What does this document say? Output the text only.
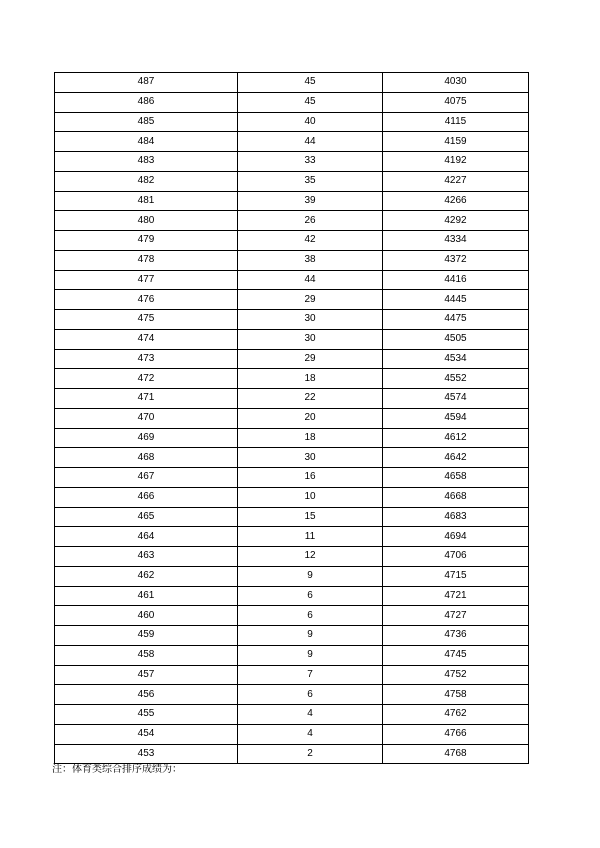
487	45	4030
486	45	4075
485	40	4115
484	44	4159
483	33	4192
482	35	4227
481	39	4266
480	26	4292
479	42	4334
478	38	4372
477	44	4416
476	29	4445
475	30	4475
474	30	4505
473	29	4534
472	18	4552
471	22	4574
470	20	4594
469	18	4612
468	30	4642
467	16	4658
466	10	4668
465	15	4683
464	11	4694
463	12	4706
462	9	4715
461	6	4721
460	6	4727
459	9	4736
458	9	4745
457	7	4752
456	6	4758
455	4	4762
454	4	4766
453	2	4768
注：体育类综合排序成绩为：
